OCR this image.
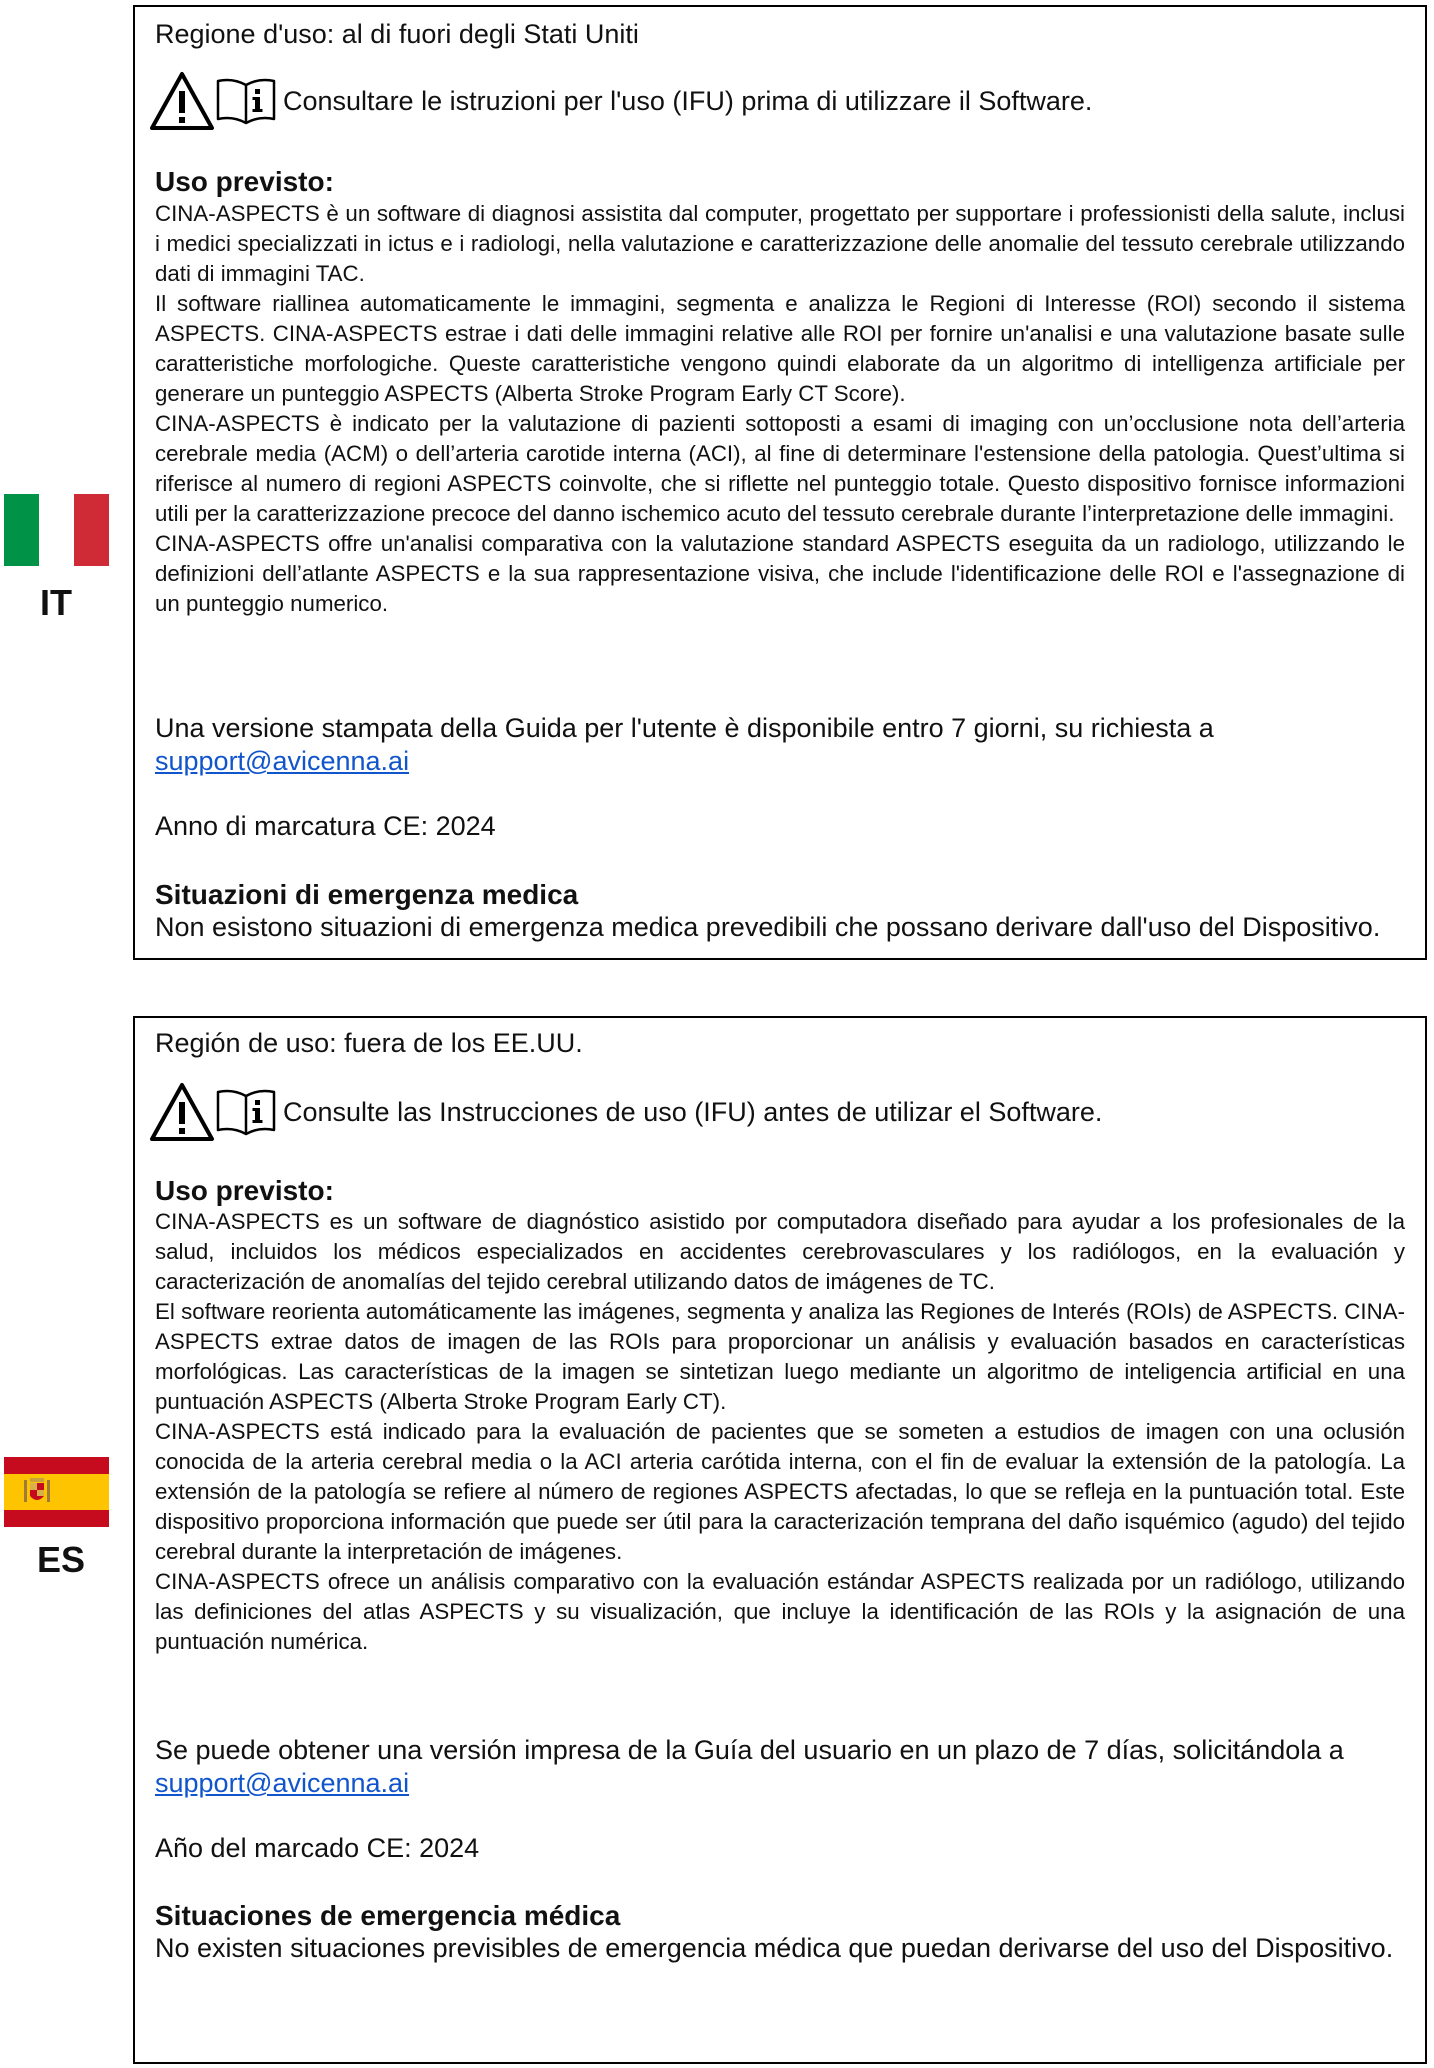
IT
Regione d'uso: al di fuori degli Stati Uniti
Consultare le istruzioni per l'uso (IFU) prima di utilizzare il Software.
Uso previsto:

CINA-ASPECTS è un software di diagnosi assistita dal computer, progettato per supportare i professionisti della salute, inclusi i medici specializzati in ictus e i radiologi, nella valutazione e caratterizzazione delle anomalie del tessuto cerebrale utilizzando dati di immagini TAC.

Il software riallinea automaticamente le immagini, segmenta e analizza le Regioni di Interesse (ROI) secondo il sistema ASPECTS. CINA-ASPECTS estrae i dati delle immagini relative alle ROI per fornire un'analisi e una valutazione basate sulle caratteristiche morfologiche. Queste caratteristiche vengono quindi elaborate da un algoritmo di intelligenza artificiale per generare un punteggio ASPECTS (Alberta Stroke Program Early CT Score).

CINA-ASPECTS è indicato per la valutazione di pazienti sottoposti a esami di imaging con un’occlusione nota dell’arteria cerebrale media (ACM) o dell’arteria carotide interna (ACI), al fine di determinare l'estensione della patologia. Quest’ultima si riferisce al numero di regioni ASPECTS coinvolte, che si riflette nel punteggio totale. Questo dispositivo fornisce informazioni utili per la caratterizzazione precoce del danno ischemico acuto del tessuto cerebrale durante l’interpretazione delle immagini.

CINA-ASPECTS offre un'analisi comparativa con la valutazione standard ASPECTS eseguita da un radiologo, utilizzando le definizioni dell’atlante ASPECTS e la sua rappresentazione visiva, che include l'identificazione delle ROI e l'assegnazione di un punteggio numerico.

Una versione stampata della Guida per l'utente è disponibile entro 7 giorni, su richiesta a

support@avicenna.ai

Anno di marcatura CE: 2024
Situazioni di emergenza medica
Non esistono situazioni di emergenza medica prevedibili che possano derivare dall'uso del Dispositivo.
ES
Región de uso: fuera de los EE.UU.
Consulte las Instrucciones de uso (IFU) antes de utilizar el Software.
Uso previsto:

CINA-ASPECTS es un software de diagnóstico asistido por computadora diseñado para ayudar a los profesionales de la salud, incluidos los médicos especializados en accidentes cerebrovasculares y los radiólogos, en la evaluación y caracterización de anomalías del tejido cerebral utilizando datos de imágenes de TC.

El software reorienta automáticamente las imágenes, segmenta y analiza las Regiones de Interés (ROIs) de ASPECTS. CINA-ASPECTS extrae datos de imagen de las ROIs para proporcionar un análisis y evaluación basados en características morfológicas. Las características de la imagen se sintetizan luego mediante un algoritmo de inteligencia artificial en una puntuación ASPECTS (Alberta Stroke Program Early CT).

CINA-ASPECTS está indicado para la evaluación de pacientes que se someten a estudios de imagen con una oclusión conocida de la arteria cerebral media o la ACI arteria carótida interna, con el fin de evaluar la extensión de la patología. La extensión de la patología se refiere al número de regiones ASPECTS afectadas, lo que se refleja en la puntuación total. Este dispositivo proporciona información que puede ser útil para la caracterización temprana del daño isquémico (agudo) del tejido cerebral durante la interpretación de imágenes.

CINA-ASPECTS ofrece un análisis comparativo con la evaluación estándar ASPECTS realizada por un radiólogo, utilizando las definiciones del atlas ASPECTS y su visualización, que incluye la identificación de las ROIs y la asignación de una puntuación numérica.

Se puede obtener una versión impresa de la Guía del usuario en un plazo de 7 días, solicitándola a

support@avicenna.ai

Año del marcado CE: 2024
Situaciones de emergencia médica
No existen situaciones previsibles de emergencia médica que puedan derivarse del uso del Dispositivo.
